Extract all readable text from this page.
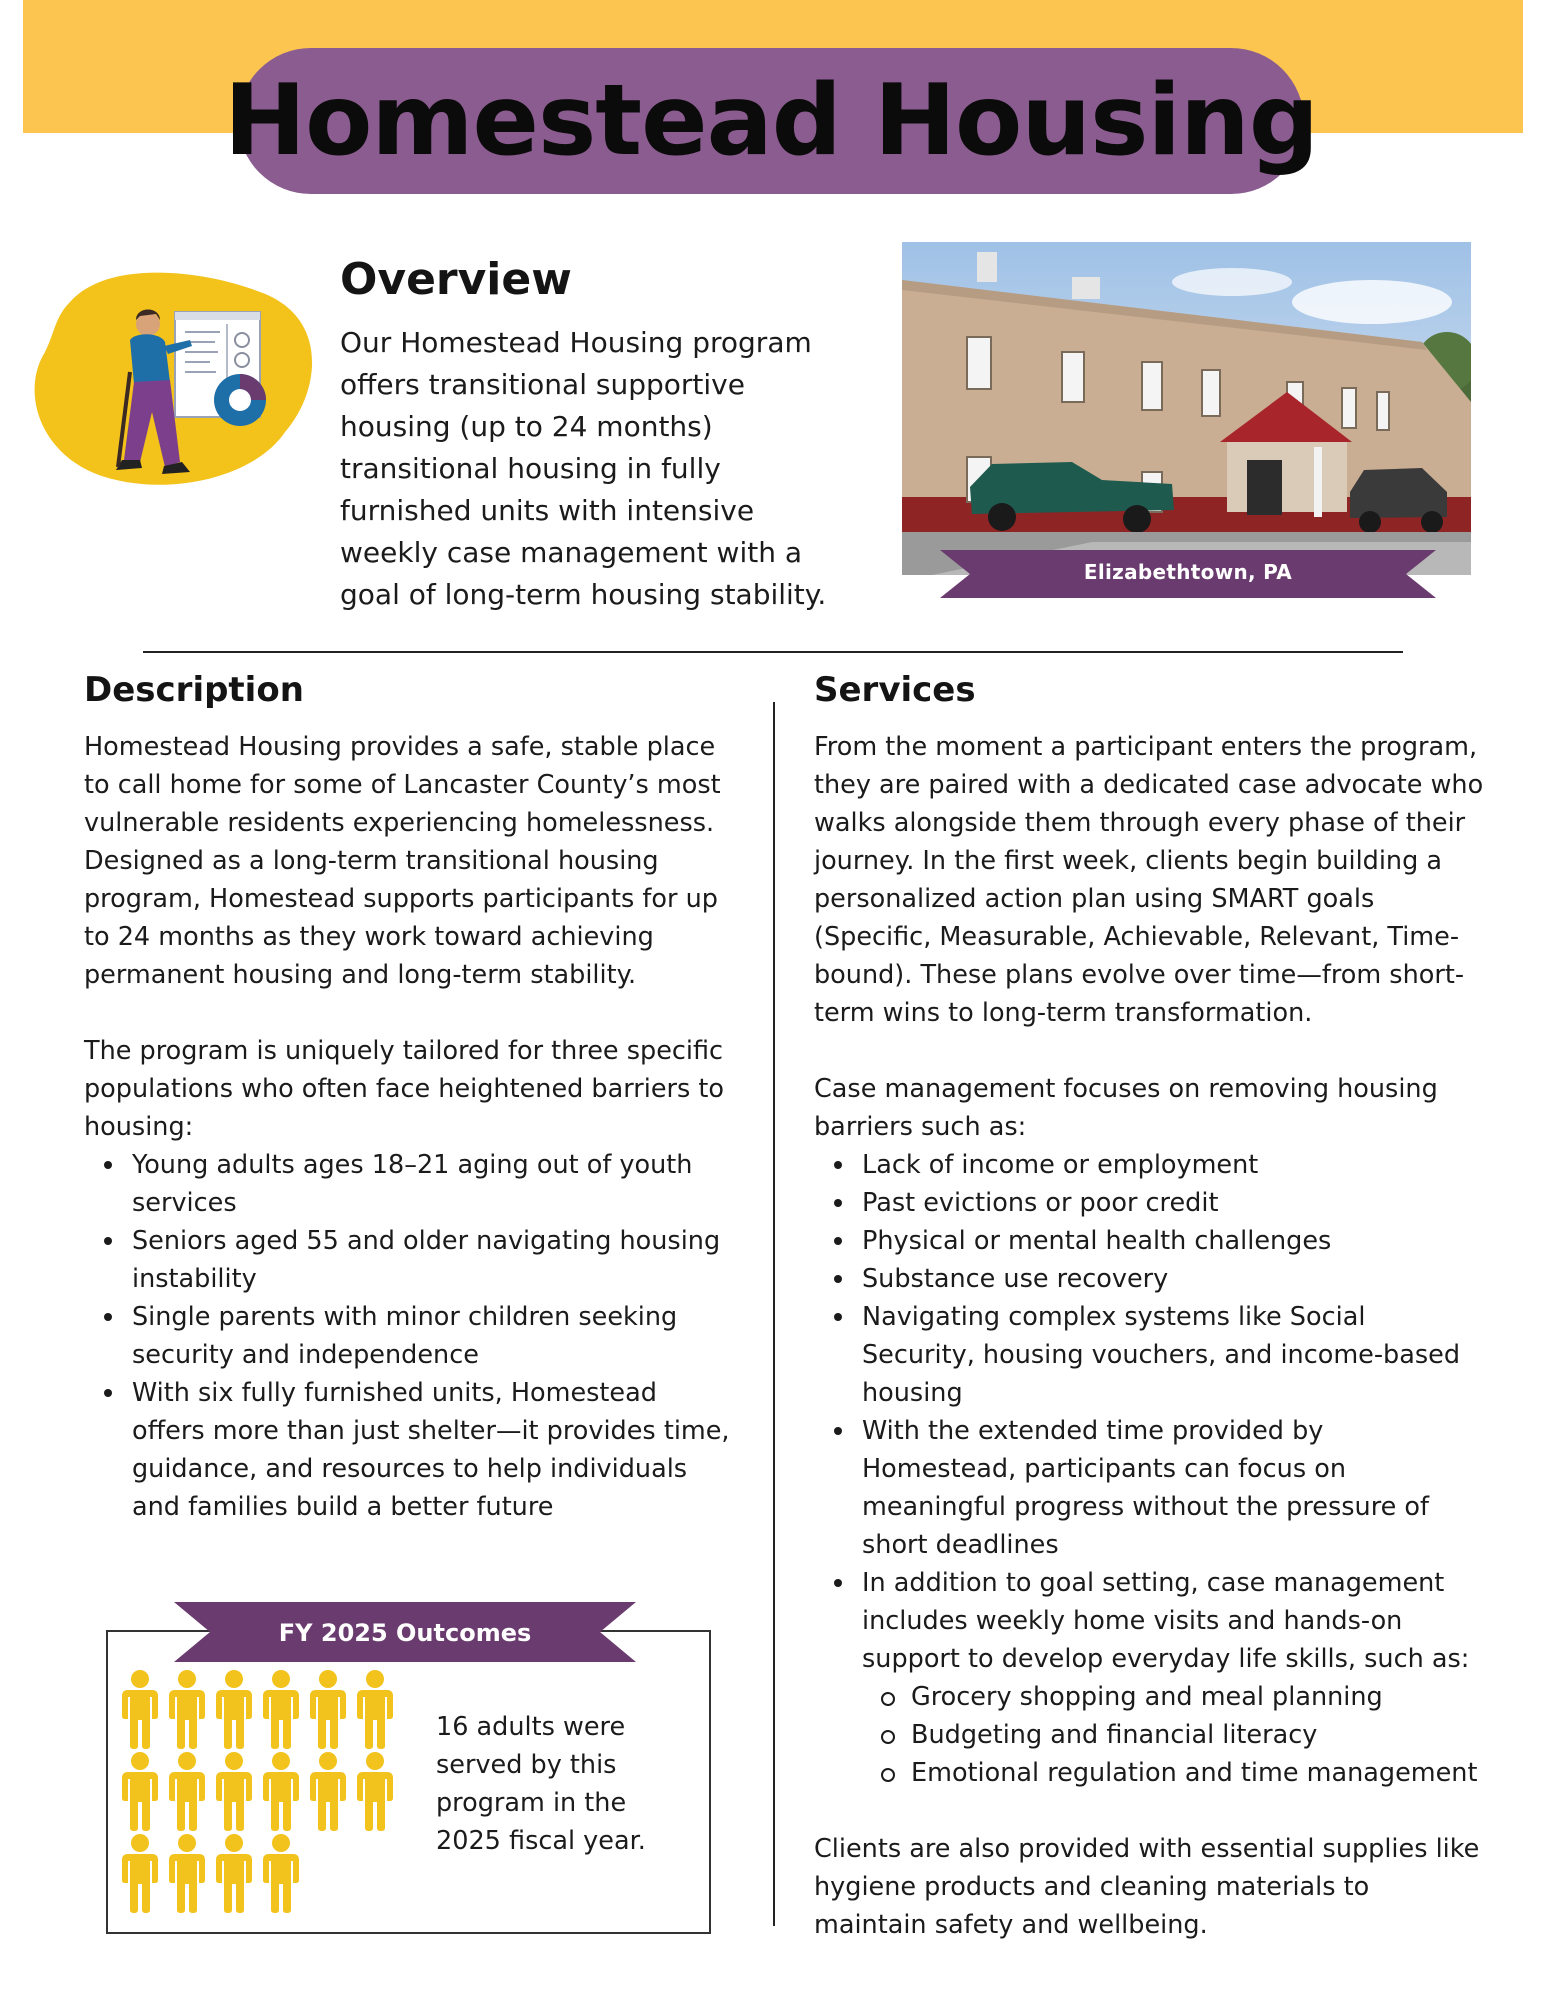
Homestead Housing
Overview

Our Homestead Housing program offers transitional supportive housing (up to 24 months) transitional housing in fully furnished units with intensive weekly case management with a goal of long-term housing stability.

Elizabethtown, PA
Description

Homestead Housing provides a safe, stable place to call home for some of Lancaster County’s most vulnerable residents experiencing homelessness. Designed as a long-term transitional housing program, Homestead supports participants for up to 24 months as they work toward achieving permanent housing and long-term stability.

The program is uniquely tailored for three specific populations who often face heightened barriers to housing:

Young adults ages 18–21 aging out of youth services
Seniors aged 55 and older navigating housing instability
Single parents with minor children seeking security and independence
With six fully furnished units, Homestead offers more than just shelter—it provides time, guidance, and resources to help individuals and families build a better future
Services

From the moment a participant enters the program, they are paired with a dedicated case advocate who walks alongside them through every phase of their journey. In the first week, clients begin building a personalized action plan using SMART goals (Specific, Measurable, Achievable, Relevant, Time-bound). These plans evolve over time—from short-term wins to long-term transformation.

Case management focuses on removing housing barriers such as:

Lack of income or employment
Past evictions or poor credit
Physical or mental health challenges
Substance use recovery
Navigating complex systems like Social Security, housing vouchers, and income-based housing
With the extended time provided by Homestead, participants can focus on meaningful progress without the pressure of short deadlines
In addition to goal setting, case management includes weekly home visits and hands-on support to develop everyday life skills, such as:
Grocery shopping and meal planning
Budgeting and financial literacy
Emotional regulation and time management

Clients are also provided with essential supplies like hygiene products and cleaning materials to maintain safety and wellbeing.

FY 2025 Outcomes

16 adults were served by this program in the 2025 fiscal year.
